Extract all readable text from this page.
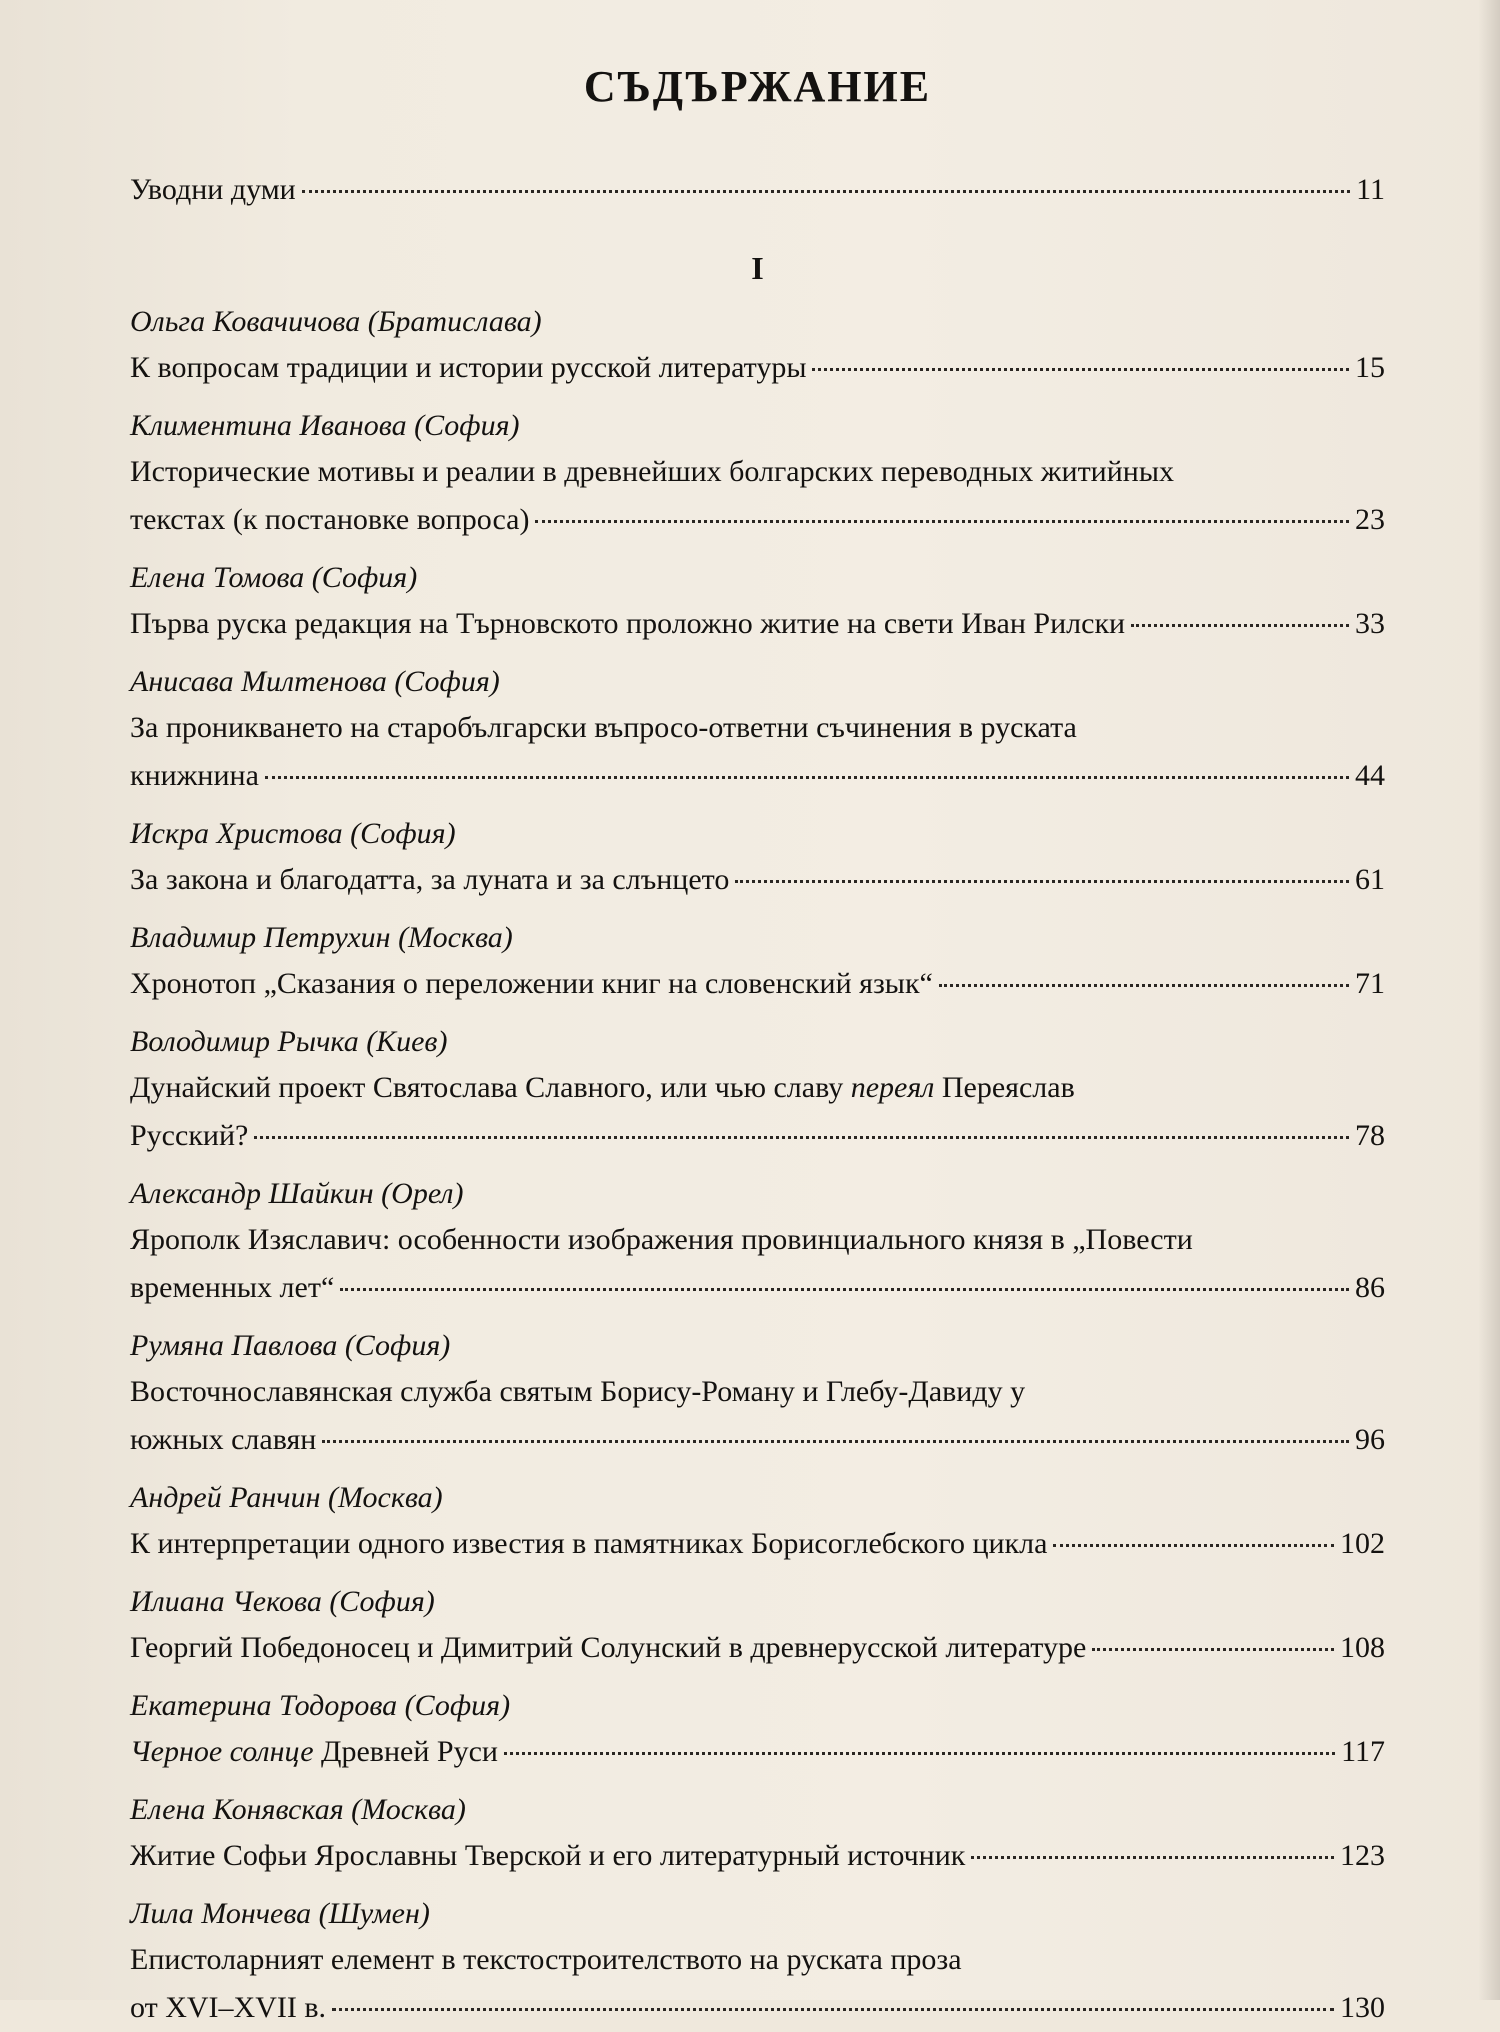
СЪДЪРЖАНИЕ
Уводни думи	11
I
Ольга Ковачичова (Братислава)
К вопросам традиции и истории русской литературы	15
Климентина Иванова (София)
Исторические мотивы и реалии в древнейших болгарских переводных житийных
текстах (к постановке вопроса)	23
Елена Томова (София)
Първа руска редакция на Търновското проложно житие на свети Иван Рилски	33
Анисава Милтенова (София)
За проникването на старобългарски въпросо-ответни съчинения в руската
книжнина	44
Искра Христова (София)
За закона и благодатта, за луната и за слънцето	61
Владимир Петрухин (Москва)
Хронотоп „Сказания о переложении книг на словенский язык“	71
Володимир Рычка (Киев)
Дунайский проект Святослава Славного, или чью славу переял Переяслав
Русский?	78
Александр Шайкин (Орел)
Ярополк Изяславич: особенности изображения провинциального князя в „Повести
временных лет“	86
Румяна Павлова (София)
Восточнославянская служба святым Борису-Роману и Глебу-Давиду у
южных славян	96
Андрей Ранчин (Москва)
К интерпретации одного известия в памятниках Борисоглебского цикла	102
Илиана Чекова (София)
Георгий Победоносец и Димитрий Солунский в древнерусской литературе	108
Екатерина Тодорова (София)
Черное солнце Древней Руси	117
Елена Конявская (Москва)
Житие Софьи Ярославны Тверской и его литературный источник	123
Лила Мончева (Шумен)
Епистоларният елемент в текстостроителството на руската проза
от XVI–XVII в.	130
